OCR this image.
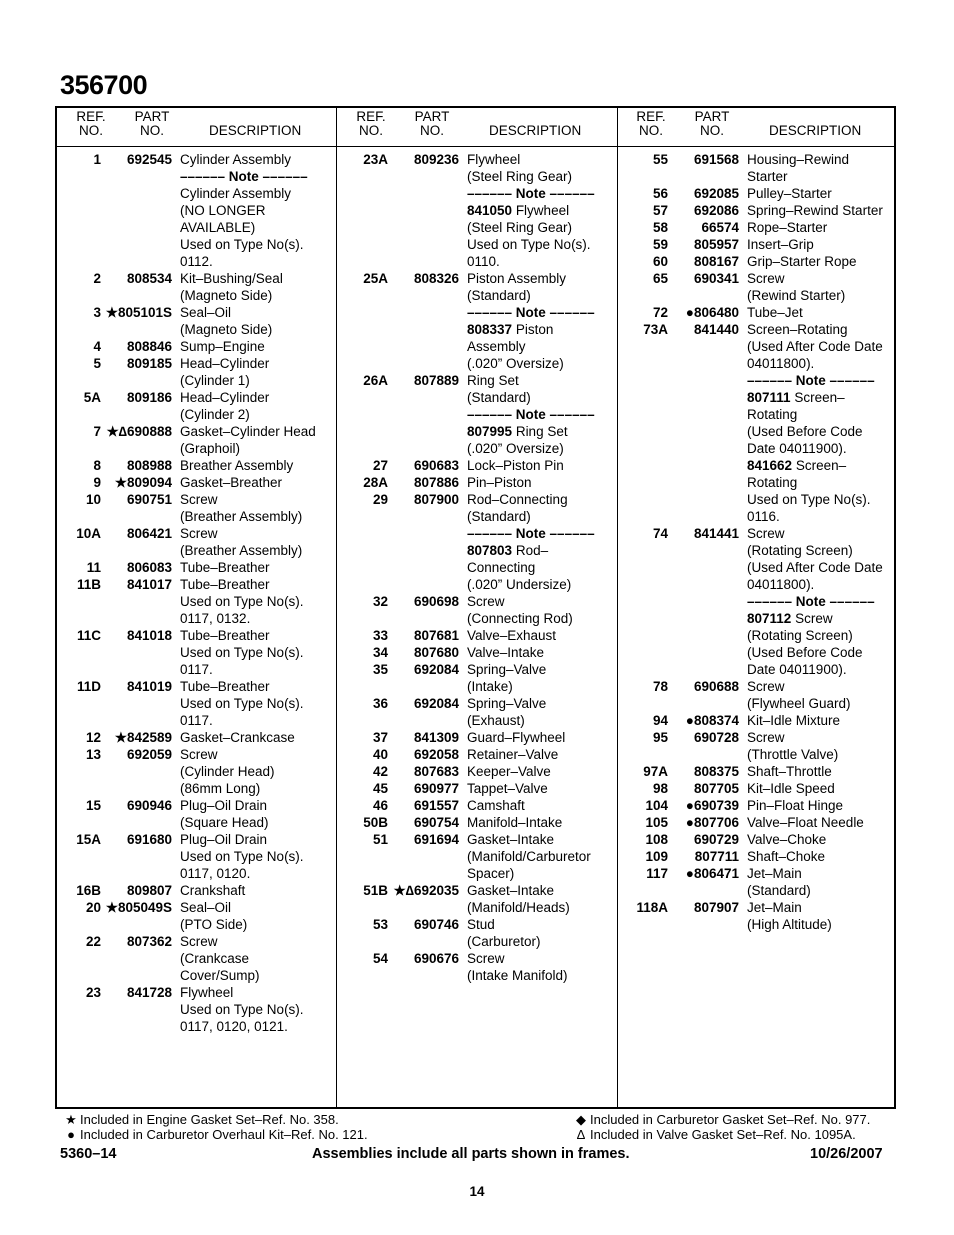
356700
REF.
NO.
PART
NO.	DESCRIPTION
REF.
NO.
PART
NO.	DESCRIPTION
REF.
NO.
PART
NO.	DESCRIPTION
1	692545 Cylinder Assembly
–––––– Note ––––––
Cylinder Assembly
(NO LONGER
AVAILABLE)
Used on Type No(s).
0112.
2	808534 Kit–Bushing/Seal
(Magneto Side)
3 ★805101S Seal–Oil
(Magneto Side)
4	808846 Sump–Engine
5	809185 Head–Cylinder
(Cylinder 1)
5A	809186 Head–Cylinder
(Cylinder 2)
7 ★∆690888 Gasket–Cylinder Head
(Graphoil)
8	808988 Breather Assembly
9	★809094 Gasket–Breather
10	690751 Screw
(Breather Assembly)
10A	806421 Screw
(Breather Assembly)
11	806083 Tube–Breather
11B	841017 Tube–Breather
Used on Type No(s).
0117, 0132.
11C	841018 Tube–Breather
Used on Type No(s).
0117.
11D	841019 Tube–Breather
Used on Type No(s).
0117.
12	★842589 Gasket–Crankcase
13	692059 Screw
(Cylinder Head)
(86mm Long)
15	690946 Plug–Oil Drain
(Square Head)
15A	691680 Plug–Oil Drain
Used on Type No(s).
0117, 0120.
16B	809807 Crankshaft
20 ★805049S Seal–Oil
(PTO Side)
22	807362 Screw
(Crankcase
Cover/Sump)
23	841728 Flywheel
Used on Type No(s).
0117, 0120, 0121.
23A	809236 Flywheel
(Steel Ring Gear)
–––––– Note ––––––
841050 Flywheel
(Steel Ring Gear)
Used on Type No(s).
0110.
25A	808326 Piston Assembly
(Standard)
–––––– Note ––––––
808337 Piston
Assembly
(.020” Oversize)
26A	807889 Ring Set
(Standard)
–––––– Note ––––––
807995 Ring Set
(.020” Oversize)
27	690683 Lock–Piston Pin
28A	807886 Pin–Piston
29	807900 Rod–Connecting
(Standard)
–––––– Note ––––––
807803 Rod–
Connecting
(.020” Undersize)
32	690698 Screw
(Connecting Rod)
33	807681 Valve–Exhaust
34	807680 Valve–Intake
35	692084 Spring–Valve
(Intake)
36	692084 Spring–Valve
(Exhaust)
37	841309 Guard–Flywheel
40	692058 Retainer–Valve
42	807683 Keeper–Valve
45	690977 Tappet–Valve
46	691557 Camshaft
50B	690754 Manifold–Intake
51	691694 Gasket–Intake
(Manifold/Carburetor
Spacer)
51B ★∆692035 Gasket–Intake
(Manifold/Heads)
53	690746 Stud
(Carburetor)
54	690676 Screw
(Intake Manifold)
55	691568 Housing–Rewind
Starter
56	692085 Pulley–Starter
57	692086 Spring–Rewind Starter
58	66574 Rope–Starter
59	805957 Insert–Grip
60	808167 Grip–Starter Rope
65	690341 Screw
(Rewind Starter)
72	●806480 Tube–Jet
73A	841440 Screen–Rotating
(Used After Code Date
04011800).
–––––– Note ––––––
807111 Screen–
Rotating
(Used Before Code
Date 04011900).
841662 Screen–
Rotating
Used on Type No(s).
0116.
74	841441 Screw
(Rotating Screen)
(Used After Code Date
04011800).
–––––– Note ––––––
807112 Screw
(Rotating Screen)
(Used Before Code
Date 04011900).
78	690688 Screw
(Flywheel Guard)
94	●808374 Kit–Idle Mixture
95	690728 Screw
(Throttle Valve)
97A	808375 Shaft–Throttle
98	807705 Kit–Idle Speed
104	●690739 Pin–Float Hinge
105	●807706 Valve–Float Needle
108	690729 Valve–Choke
109	807711 Shaft–Choke
117	●806471 Jet–Main
(Standard)
118A	807907 Jet–Main
(High Altitude)
★ Included in Engine Gasket Set–Ref. No. 358.
● Included in Carburetor Overhaul Kit–Ref. No. 121.
◆ Included in Carburetor Gasket Set–Ref. No. 977.
∆ Included in Valve Gasket Set–Ref. No. 1095A.
5360–14	Assemblies include all parts shown in frames.	10/26/2007
14
